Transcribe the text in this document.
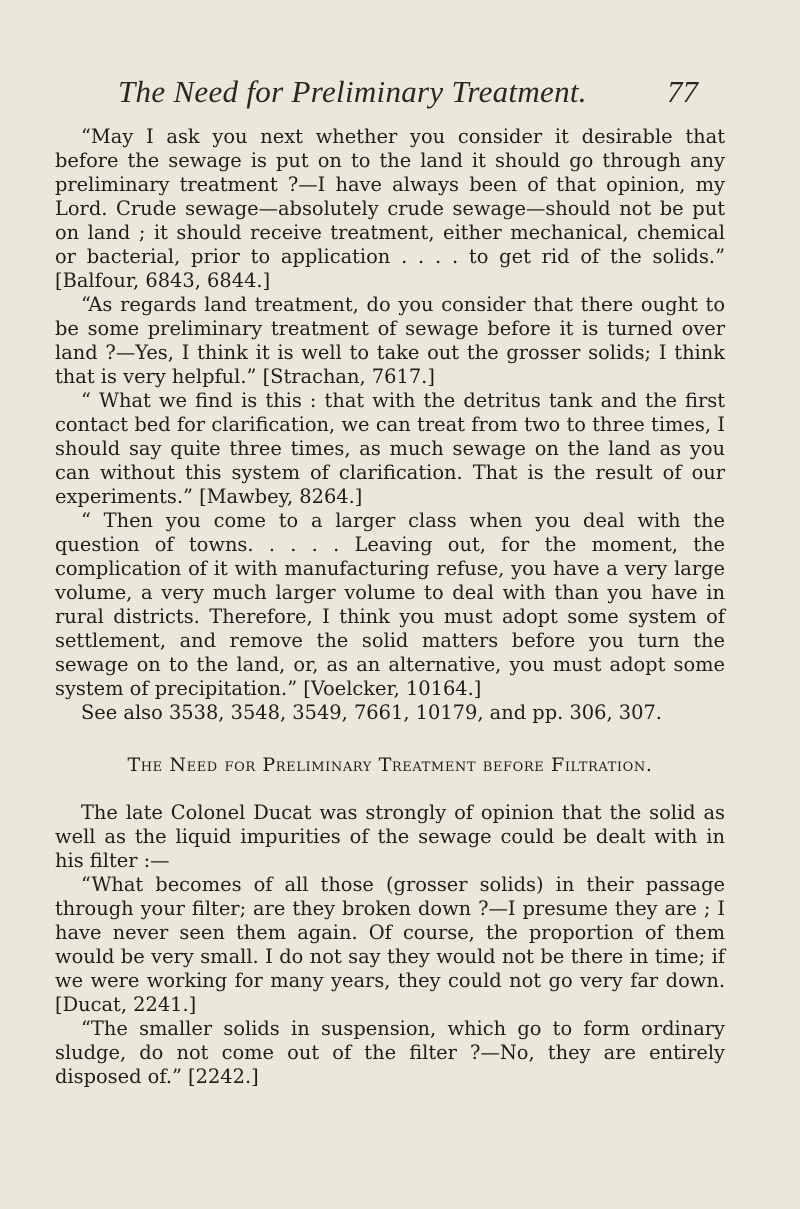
The Need for Preliminary Treatment.	77

“May I ask you next whether you consider it desirable that before the sewage is put on to the land it should go through any preliminary treatment ?—I have always been of that opinion, my Lord. Crude sewage—absolutely crude sewage—should not be put on land ; it should receive treatment, either mechanical, chemical or bacterial, prior to application . . . . to get rid of the solids.” [Balfour, 6843, 6844.]

“As regards land treatment, do you consider that there ought to be some preliminary treatment of sewage before it is turned over land ?—Yes, I think it is well to take out the grosser solids; I think that is very helpful.” [Strachan, 7617.]

“ What we find is this : that with the detritus tank and the first contact bed for clarification, we can treat from two to three times, I should say quite three times, as much sewage on the land as you can without this system of clarification. That is the result of our experiments.” [Mawbey, 8264.]

“ Then you come to a larger class when you deal with the question of towns. . . . . Leaving out, for the moment, the complication of it with manufacturing refuse, you have a very large volume, a very much larger volume to deal with than you have in rural districts. Therefore, I think you must adopt some system of settlement, and remove the solid matters before you turn the sewage on to the land, or, as an alternative, you must adopt some system of precipitation.” [Voelcker, 10164.]

See also 3538, 3548, 3549, 7661, 10179, and pp. 306, 307.

The Need for Preliminary Treatment before Filtration.

The late Colonel Ducat was strongly of opinion that the solid as well as the liquid impurities of the sewage could be dealt with in his filter :—

“What becomes of all those (grosser solids) in their passage through your filter; are they broken down ?—I presume they are ; I have never seen them again. Of course, the proportion of them would be very small. I do not say they would not be there in time; if we were working for many years, they could not go very far down. [Ducat, 2241.]

“The smaller solids in suspension, which go to form ordinary sludge, do not come out of the filter ?—No, they are entirely disposed of.” [2242.]
